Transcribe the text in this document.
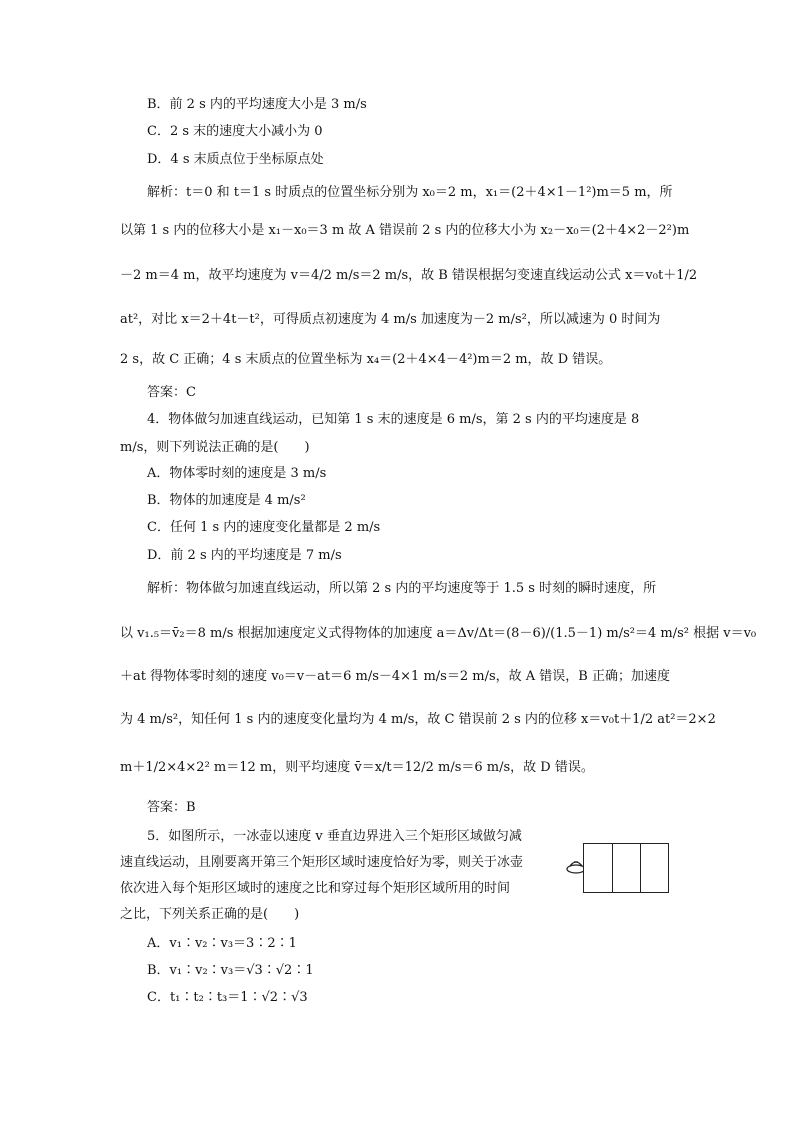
B．前 2 s 内的平均速度大小是 3 m/s
C．2 s 末的速度大小减小为 0
D．4 s 末质点位于坐标原点处
解析：t＝0 和 t＝1 s 时质点的位置坐标分别为 x₀＝2 m，x₁＝(2＋4×1－1²)m＝5 m，所
以第 1 s 内的位移大小是 x₁－x₀＝3 m 故 A 错误前 2 s 内的位移大小为 x₂－x₀＝(2＋4×2－2²)m
－2 m＝4 m，故平均速度为 v＝4/2 m/s＝2 m/s，故 B 错误根据匀变速直线运动公式 x＝v₀t＋1/2
at²，对比 x＝2＋4t－t²，可得质点初速度为 4 m/s 加速度为－2 m/s²，所以减速为 0 时间为
2 s，故 C 正确；4 s 末质点的位置坐标为 x₄＝(2＋4×4－4²)m＝2 m，故 D 错误。
答案：C
4．物体做匀加速直线运动，已知第 1 s 末的速度是 6 m/s，第 2 s 内的平均速度是 8
m/s，则下列说法正确的是(　　)
A．物体零时刻的速度是 3 m/s
B．物体的加速度是 4 m/s²
C．任何 1 s 内的速度变化量都是 2 m/s
D．前 2 s 内的平均速度是 7 m/s
解析：物体做匀加速直线运动，所以第 2 s 内的平均速度等于 1.5 s 时刻的瞬时速度，所
以 v₁.₅＝v̄₂＝8 m/s 根据加速度定义式得物体的加速度 a＝Δv/Δt＝(8－6)/(1.5－1) m/s²＝4 m/s² 根据 v＝v₀
＋at 得物体零时刻的速度 v₀＝v－at＝6 m/s－4×1 m/s＝2 m/s，故 A 错误，B 正确；加速度
为 4 m/s²，知任何 1 s 内的速度变化量均为 4 m/s，故 C 错误前 2 s 内的位移 x＝v₀t＋1/2 at²＝2×2
m＋1/2×4×2² m＝12 m，则平均速度 v̄＝x/t＝12/2 m/s＝6 m/s，故 D 错误。
答案：B
5．如图所示，一冰壶以速度 v 垂直边界进入三个矩形区域做匀减
速直线运动，且刚要离开第三个矩形区域时速度恰好为零，则关于冰壶
依次进入每个矩形区域时的速度之比和穿过每个矩形区域所用的时间
之比，下列关系正确的是(　　)
A．v₁∶v₂∶v₃＝3∶2∶1
B．v₁∶v₂∶v₃＝√3∶√2∶1
C．t₁∶t₂∶t₃＝1∶√2∶√3
